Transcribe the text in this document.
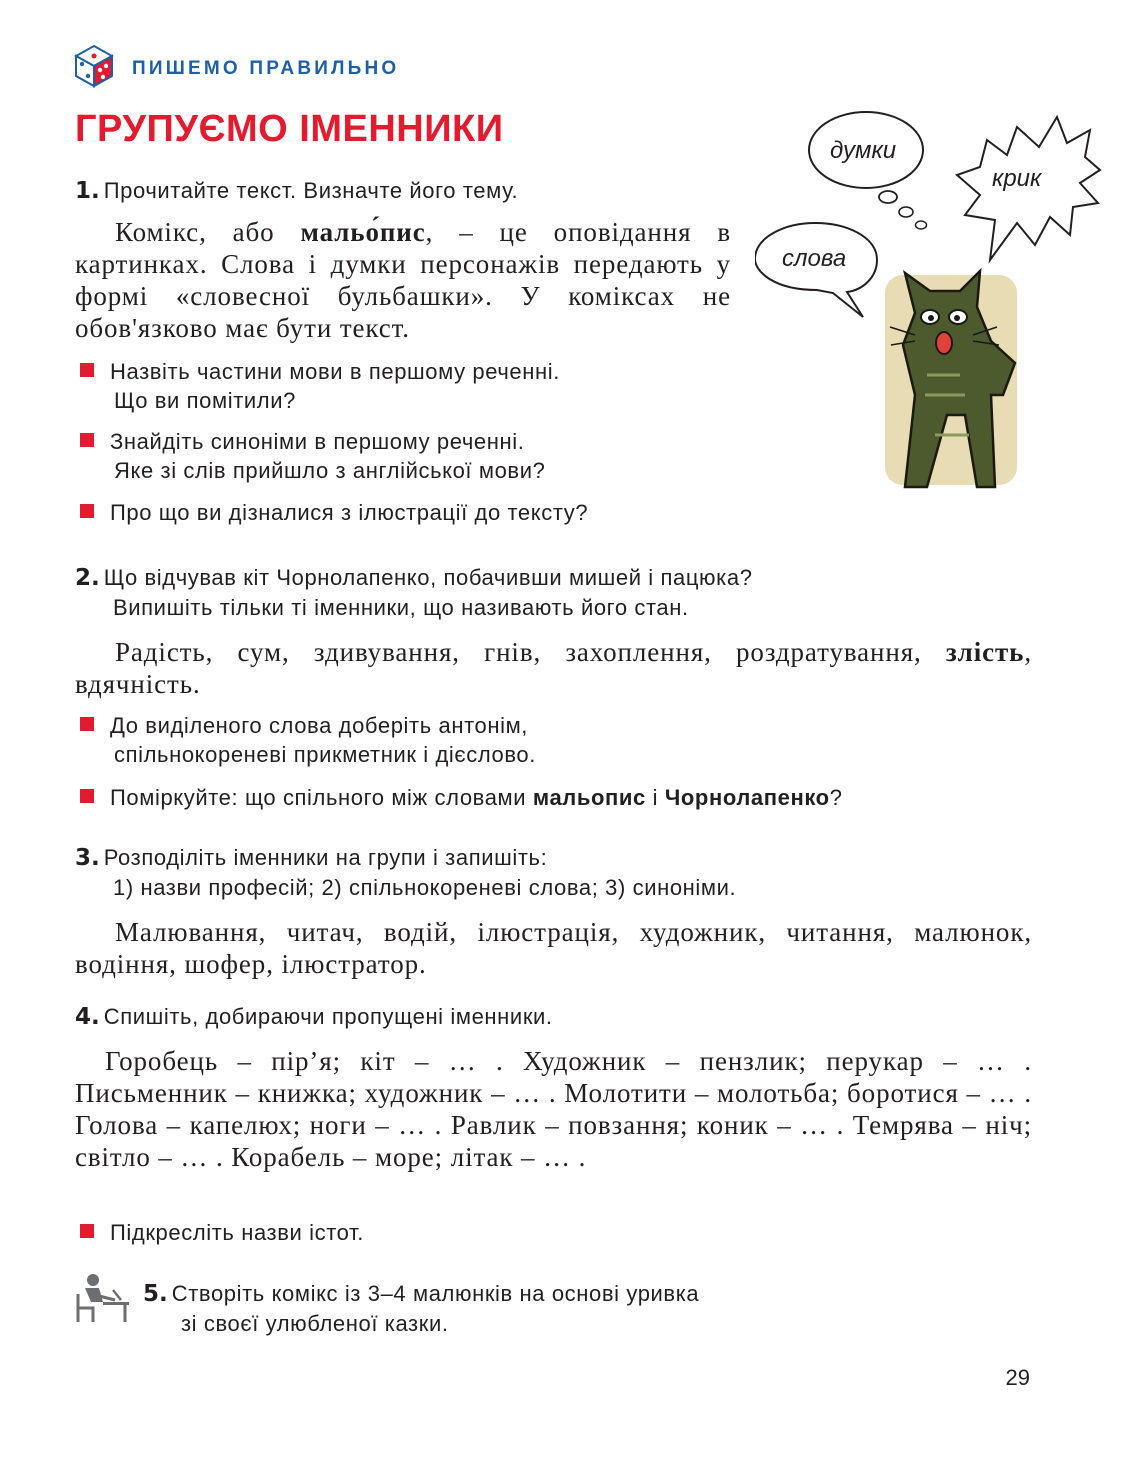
ПИШЕМО ПРАВИЛЬНО
ГРУПУЄМО ІМЕННИКИ
думки
крик
слова
1. Прочитайте текст. Визначте його тему.
Комікс, або мальо́пис, – це оповідання в картинках. Слова і думки персонажів передають у формі «словесної бульбашки». У коміксах не обов'язково має бути текст.
Назвіть частини мови в першому реченні.
Що ви помітили?
Знайдіть синоніми в першому реченні.
Яке зі слів прийшло з англійської мови?
Про що ви дізналися з ілюстрації до тексту?
2. Що відчував кіт Чорнолапенко, побачивши мишей і пацюка?
Випишіть тільки ті іменники, що називають його стан.
Радість, сум, здивування, гнів, захоплення, роздратування, злість, вдячність.
До виділеного слова доберіть антонім,
спільнокореневі прикметник і дієслово.
Поміркуйте: що спільного між словами мальопис і Чорнолапенко?
3. Розподіліть іменники на групи і запишіть:
1) назви професій; 2) спільнокореневі слова; 3) синоніми.
Малювання, читач, водій, ілюстрація, художник, читання, малюнок, водіння, шофер, ілюстратор.
4. Спишіть, добираючи пропущені іменники.
Горобець – пір’я; кіт – … . Художник – пензлик; перукар – … . Письменник – книжка; художник – … . Молотити – молотьба; боротися – … . Голова – капелюх; ноги – … . Равлик – повзання; коник – … . Темрява – ніч; світло – … . Корабель – море; літак – … .
Підкресліть назви істот.
5. Створіть комікс із 3–4 малюнків на основі уривка
зі своєї улюбленої казки.
29
